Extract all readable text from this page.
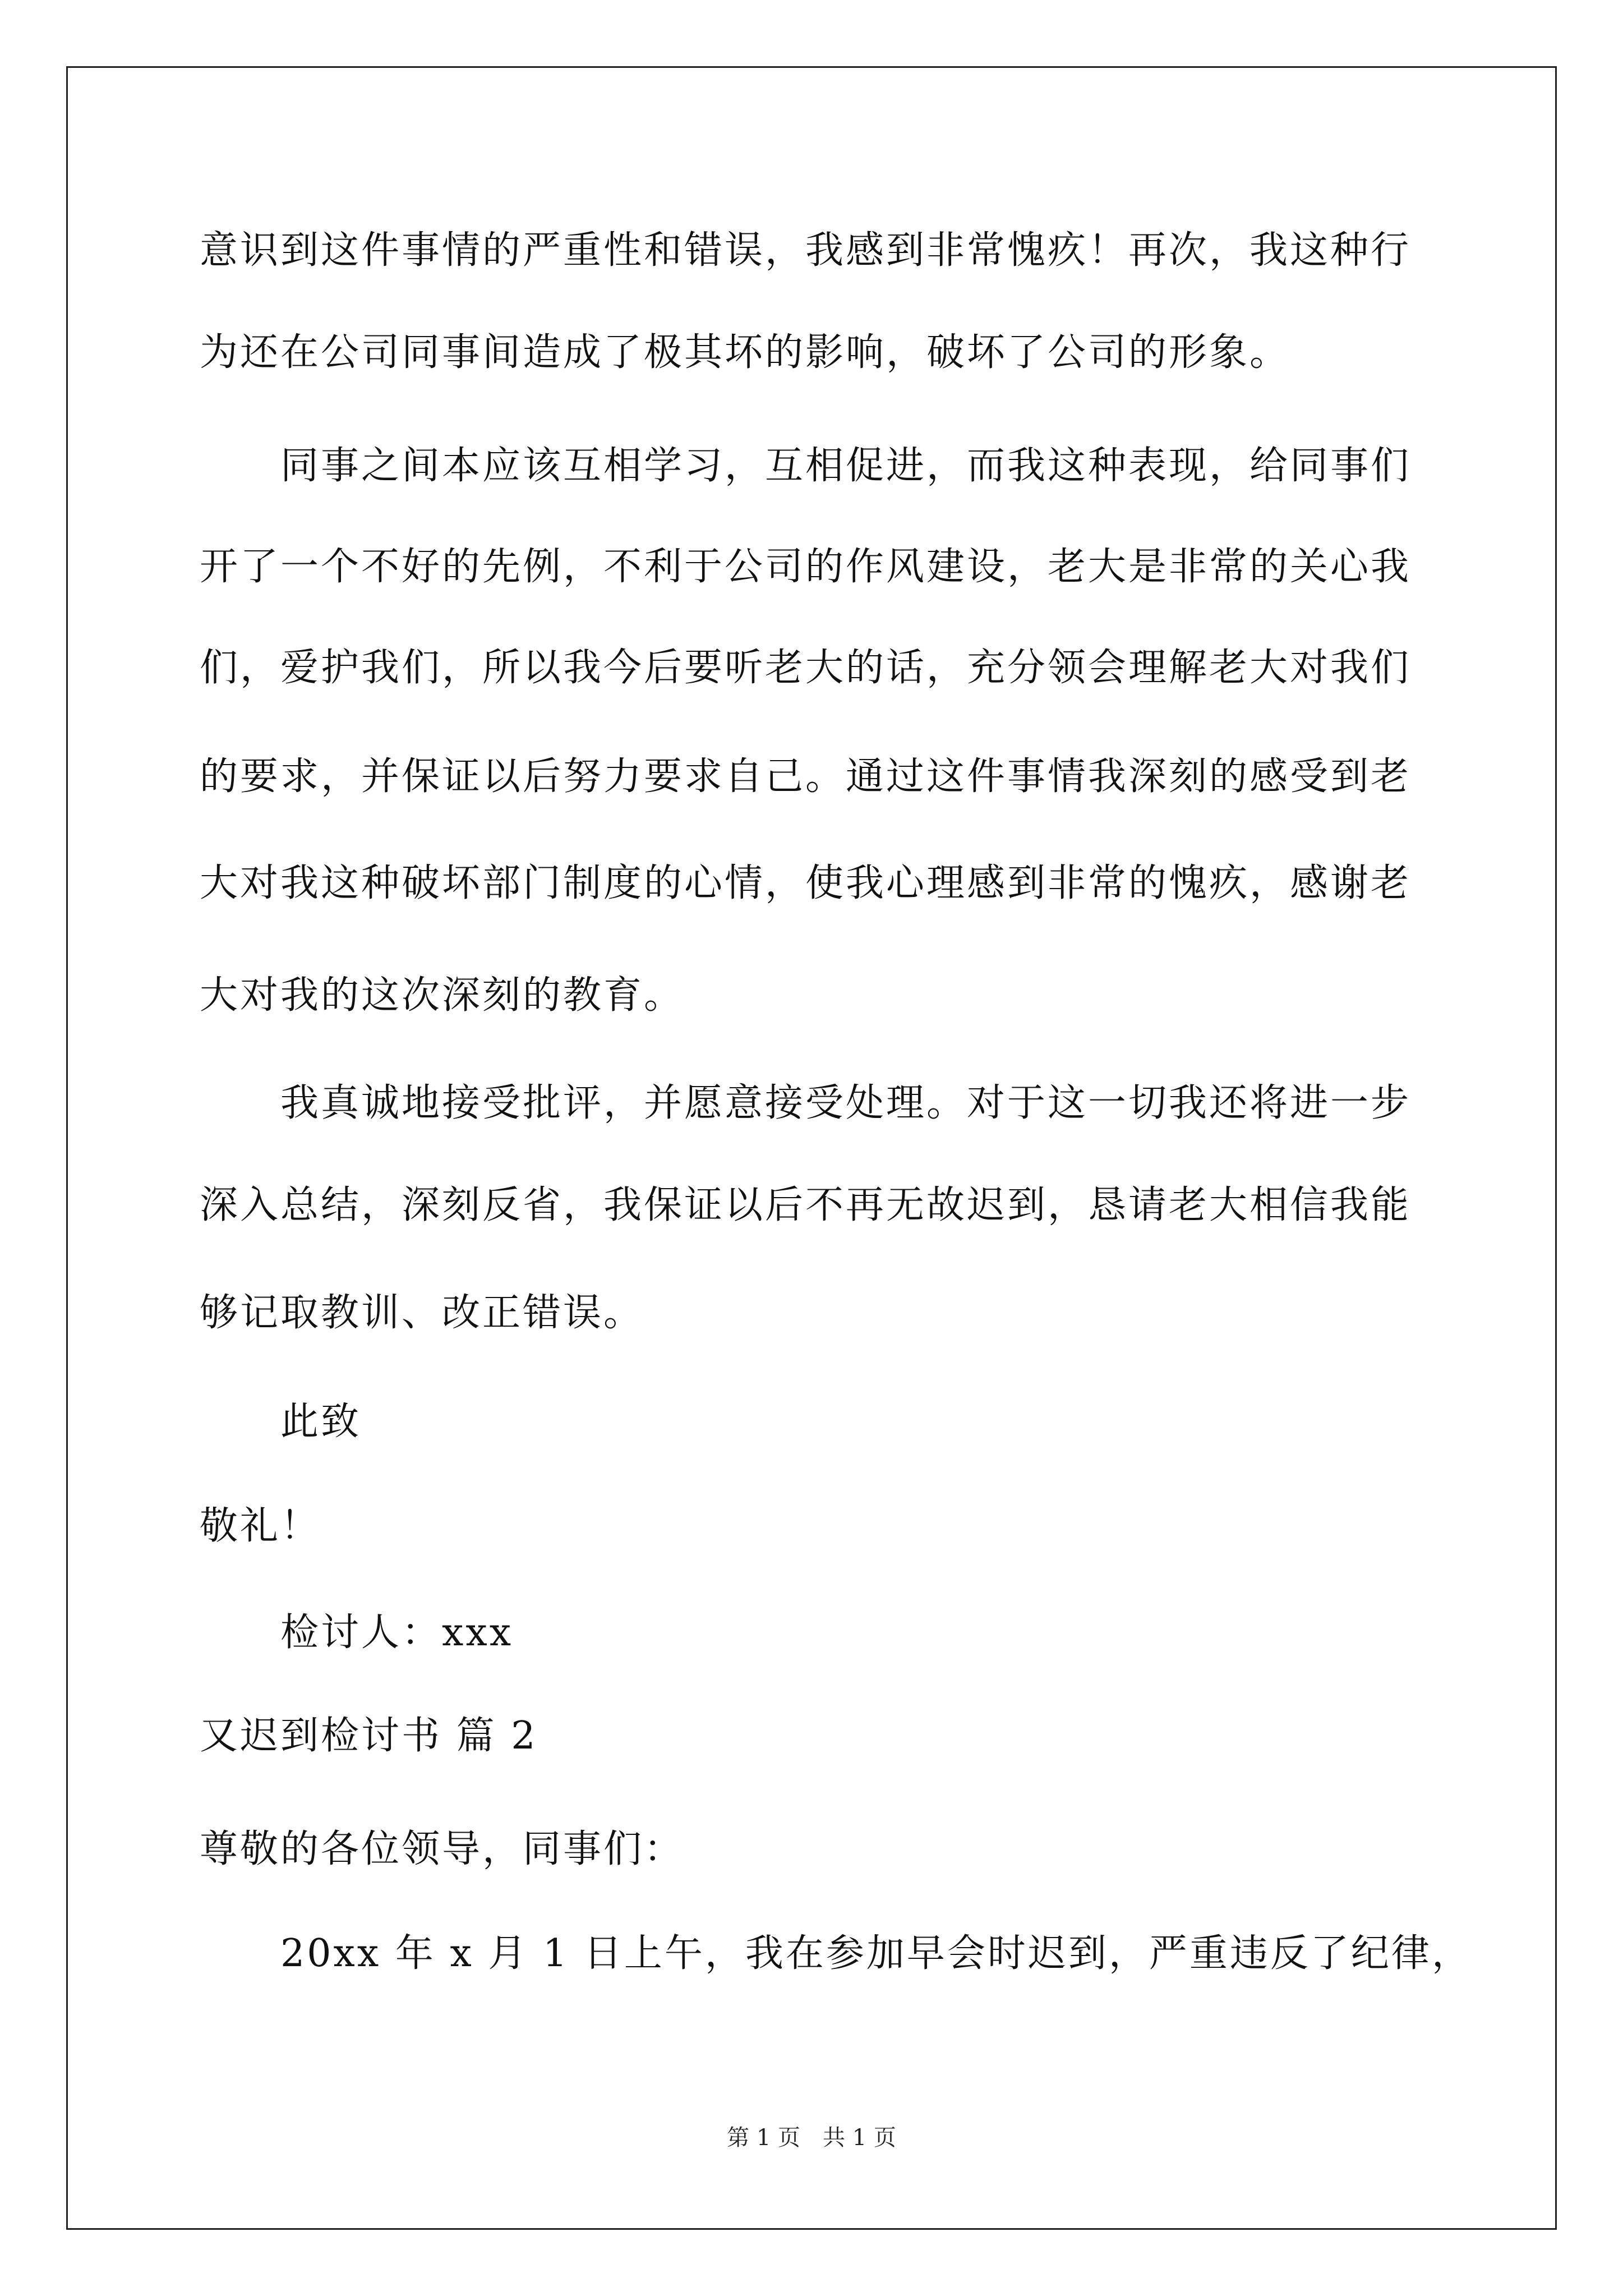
意识到这件事情的严重性和错误，我感到非常愧疚！再次，我这种行
为还在公司同事间造成了极其坏的影响，破坏了公司的形象。
同事之间本应该互相学习，互相促进，而我这种表现，给同事们
开了一个不好的先例，不利于公司的作风建设，老大是非常的关心我
们，爱护我们，所以我今后要听老大的话，充分领会理解老大对我们
的要求，并保证以后努力要求自己。通过这件事情我深刻的感受到老
大对我这种破坏部门制度的心情，使我心理感到非常的愧疚，感谢老
大对我的这次深刻的教育。
我真诚地接受批评，并愿意接受处理。对于这一切我还将进一步
深入总结，深刻反省，我保证以后不再无故迟到，恳请老大相信我能
够记取教训、改正错误。
此致
敬礼！
检讨人：xxx
又迟到检讨书 篇 2
尊敬的各位领导，同事们：
20xx 年 x 月 1 日上午，我在参加早会时迟到，严重违反了纪律，
第 1 页　共 1 页
